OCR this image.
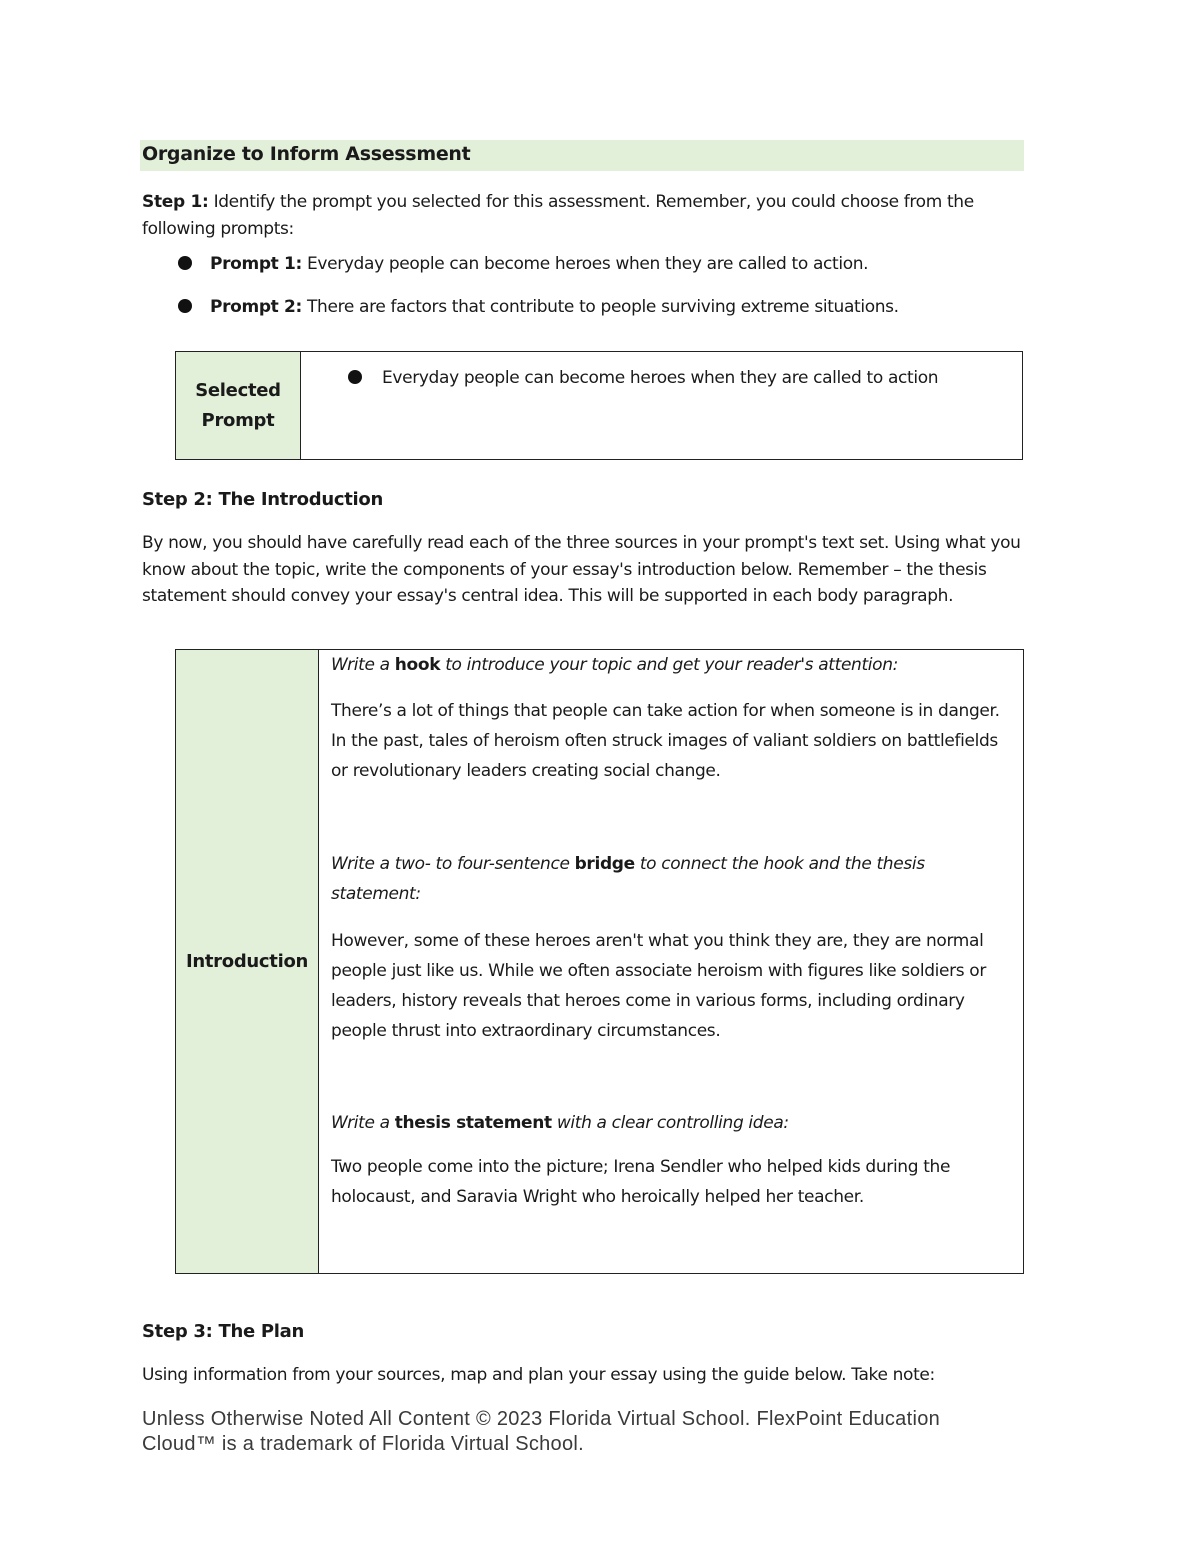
Organize to Inform Assessment
Step 1: Identify the prompt you selected for this assessment. Remember, you could choose from the following prompts:
Prompt 1: Everyday people can become heroes when they are called to action.
Prompt 2: There are factors that contribute to people surviving extreme situations.
Selected
Prompt
Everyday people can become heroes when they are called to action
Step 2: The Introduction
By now, you should have carefully read each of the three sources in your prompt's text set. Using what you know about the topic, write the components of your essay's introduction below. Remember – the thesis statement should convey your essay's central idea. This will be supported in each body paragraph.
Introduction
Write a hook to introduce your topic and get your reader's attention:
There’s a lot of things that people can take action for when someone is in danger. In the past, tales of heroism often struck images of valiant soldiers on battlefields or revolutionary leaders creating social change.
Write a two- to four-sentence bridge to connect the hook and the thesis statement:
However, some of these heroes aren't what you think they are, they are normal people just like us. While we often associate heroism with figures like soldiers or leaders, history reveals that heroes come in various forms, including ordinary people thrust into extraordinary circumstances.
Write a thesis statement with a clear controlling idea:
Two people come into the picture; Irena Sendler who helped kids during the holocaust, and Saravia Wright who heroically helped her teacher.
Step 3: The Plan
Using information from your sources, map and plan your essay using the guide below. Take note:
Unless Otherwise Noted All Content © 2023 Florida Virtual School. FlexPoint Education Cloud™ is a trademark of Florida Virtual School.
